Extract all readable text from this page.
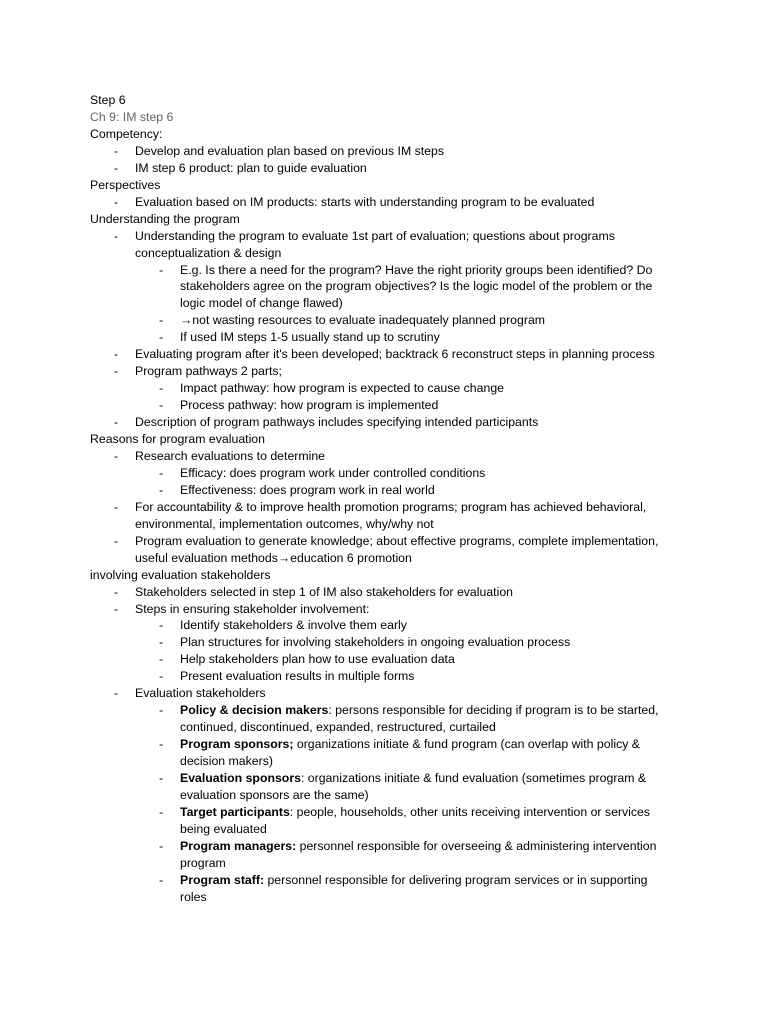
Step 6
Ch 9: IM step 6
Competency:
- Develop and evaluation plan based on previous IM steps
- IM step 6 product: plan to guide evaluation
Perspectives
- Evaluation based on IM products: starts with understanding program to be evaluated
Understanding the program
- Understanding the program to evaluate 1st part of evaluation; questions about programs
conceptualization & design
- E.g. Is there a need for the program? Have the right priority groups been identified? Do
stakeholders agree on the program objectives? Is the logic model of the problem or the
logic model of change flawed)
- →not wasting resources to evaluate inadequately planned program
- If used IM steps 1-5 usually stand up to scrutiny
- Evaluating program after it's been developed; backtrack 6 reconstruct steps in planning process
- Program pathways 2 parts;
- Impact pathway: how program is expected to cause change
- Process pathway: how program is implemented
- Description of program pathways includes specifying intended participants
Reasons for program evaluation
- Research evaluations to determine
- Efficacy: does program work under controlled conditions
- Effectiveness: does program work in real world
- For accountability & to improve health promotion programs; program has achieved behavioral,
environmental, implementation outcomes, why/why not
- Program evaluation to generate knowledge; about effective programs, complete implementation,
useful evaluation methods→education 6 promotion
involving evaluation stakeholders
- Stakeholders selected in step 1 of IM also stakeholders for evaluation
- Steps in ensuring stakeholder involvement:
- Identify stakeholders & involve them early
- Plan structures for involving stakeholders in ongoing evaluation process
- Help stakeholders plan how to use evaluation data
- Present evaluation results in multiple forms
- Evaluation stakeholders
- Policy & decision makers: persons responsible for deciding if program is to be started,
continued, discontinued, expanded, restructured, curtailed
- Program sponsors; organizations initiate & fund program (can overlap with policy &
decision makers)
- Evaluation sponsors: organizations initiate & fund evaluation (sometimes program &
evaluation sponsors are the same)
- Target participants: people, households, other units receiving intervention or services
being evaluated
- Program managers: personnel responsible for overseeing & administering intervention
program
- Program staff: personnel responsible for delivering program services or in supporting
roles
